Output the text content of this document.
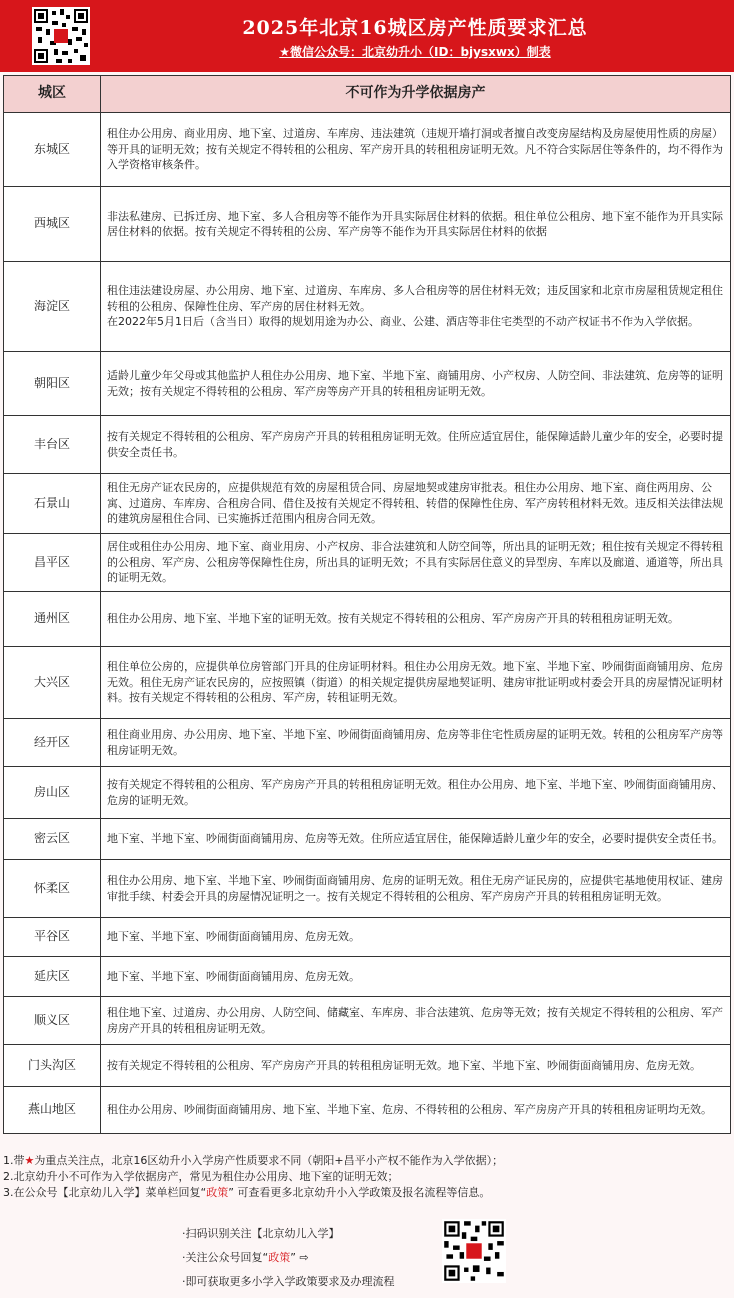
2025年北京16城区房产性质要求汇总
★微信公众号：北京幼升小（ID：bjysxwx）制表
城区	不可作为升学依据房产
东城区	租住办公用房、商业用房、地下室、过道房、车库房、违法建筑（违规开墙打洞或者擅自改变房屋结构及房屋使用性质的房屋）等开具的证明无效；按有关规定不得转租的公租房、军产房开具的转租租房证明无效。凡不符合实际居住等条件的，均不得作为入学资格审核条件。
西城区	非法私建房、已拆迁房、地下室、多人合租房等不能作为开具实际居住材料的依据。租住单位公租房、地下室不能作为开具实际居住材料的依据。按有关规定不得转租的公房、军产房等不能作为开具实际居住材料的依据
海淀区	租住违法建设房屋、办公用房、地下室、过道房、车库房、多人合租房等的居住材料无效；违反国家和北京市房屋租赁规定租住转租的公租房、保障性住房、军产房的居住材料无效。
在2022年5月1日后（含当日）取得的规划用途为办公、商业、公建、酒店等非住宅类型的不动产权证书不作为入学依据。
朝阳区	适龄儿童少年父母或其他监护人租住办公用房、地下室、半地下室、商铺用房、小产权房、人防空间、非法建筑、危房等的证明无效；按有关规定不得转租的公租房、军产房等房产开具的转租租房证明无效。
丰台区	按有关规定不得转租的公租房、军产房房产开具的转租租房证明无效。住所应适宜居住，能保障适龄儿童少年的安全，必要时提供安全责任书。
石景山	租住无房产证农民房的，应提供规范有效的房屋租赁合同、房屋地契或建房审批表。租住办公用房、地下室、商住两用房、公寓、过道房、车库房、合租房合同、借住及按有关规定不得转租、转借的保障性住房、军产房转租材料无效。违反相关法律法规的建筑房屋租住合同、已实施拆迁范围内租房合同无效。
昌平区	居住或租住办公用房、地下室、商业用房、小产权房、非合法建筑和人防空间等，所出具的证明无效；租住按有关规定不得转租的公租房、军产房、公租房等保障性住房，所出具的证明无效；不具有实际居住意义的异型房、车库以及廊道、通道等，所出具的证明无效。
通州区	租住办公用房、地下室、半地下室的证明无效。按有关规定不得转租的公租房、军产房房产开具的转租租房证明无效。
大兴区	租住单位公房的，应提供单位房管部门开具的住房证明材料。租住办公用房无效。地下室、半地下室、吵闹街面商铺用房、危房无效。租住无房产证农民房的，应按照镇（街道）的相关规定提供房屋地契证明、建房审批证明或村委会开具的房屋情况证明材料。按有关规定不得转租的公租房、军产房，转租证明无效。
经开区	租住商业用房、办公用房、地下室、半地下室、吵闹街面商铺用房、危房等非住宅性质房屋的证明无效。转租的公租房军产房等租房证明无效。
房山区	按有关规定不得转租的公租房、军产房房产开具的转租租房证明无效。租住办公用房、地下室、半地下室、吵闹街面商铺用房、危房的证明无效。
密云区	地下室、半地下室、吵闹街面商铺用房、危房等无效。住所应适宜居住，能保障适龄儿童少年的安全，必要时提供安全责任书。
怀柔区	租住办公用房、地下室、半地下室、吵闹街面商铺用房、危房的证明无效。租住无房产证民房的，应提供宅基地使用权证、建房审批手续、村委会开具的房屋情况证明之一。按有关规定不得转租的公租房、军产房房产开具的转租租房证明无效。
平谷区	地下室、半地下室、吵闹街面商铺用房、危房无效。
延庆区	地下室、半地下室、吵闹街面商铺用房、危房无效。
顺义区	租住地下室、过道房、办公用房、人防空间、储藏室、车库房、非合法建筑、危房等无效；按有关规定不得转租的公租房、军产房房产开具的转租租房证明无效。
门头沟区	按有关规定不得转租的公租房、军产房房产开具的转租租房证明无效。地下室、半地下室、吵闹街面商铺用房、危房无效。
燕山地区	租住办公用房、吵闹街面商铺用房、地下室、半地下室、危房、不得转租的公租房、军产房房产开具的转租租房证明均无效。
1.带★为重点关注点，北京16区幼升小入学房产性质要求不同（朝阳+昌平小产权不能作为入学依据）；
2.北京幼升小不可作为入学依据房产，常见为租住办公用房、地下室的证明无效；
3.在公众号【北京幼儿入学】菜单栏回复“政策” 可查看更多北京幼升小入学政策及报名流程等信息。
·扫码识别关注【北京幼儿入学】
·关注公众号回复“政策” ⇨
·即可获取更多小学入学政策要求及办理流程
